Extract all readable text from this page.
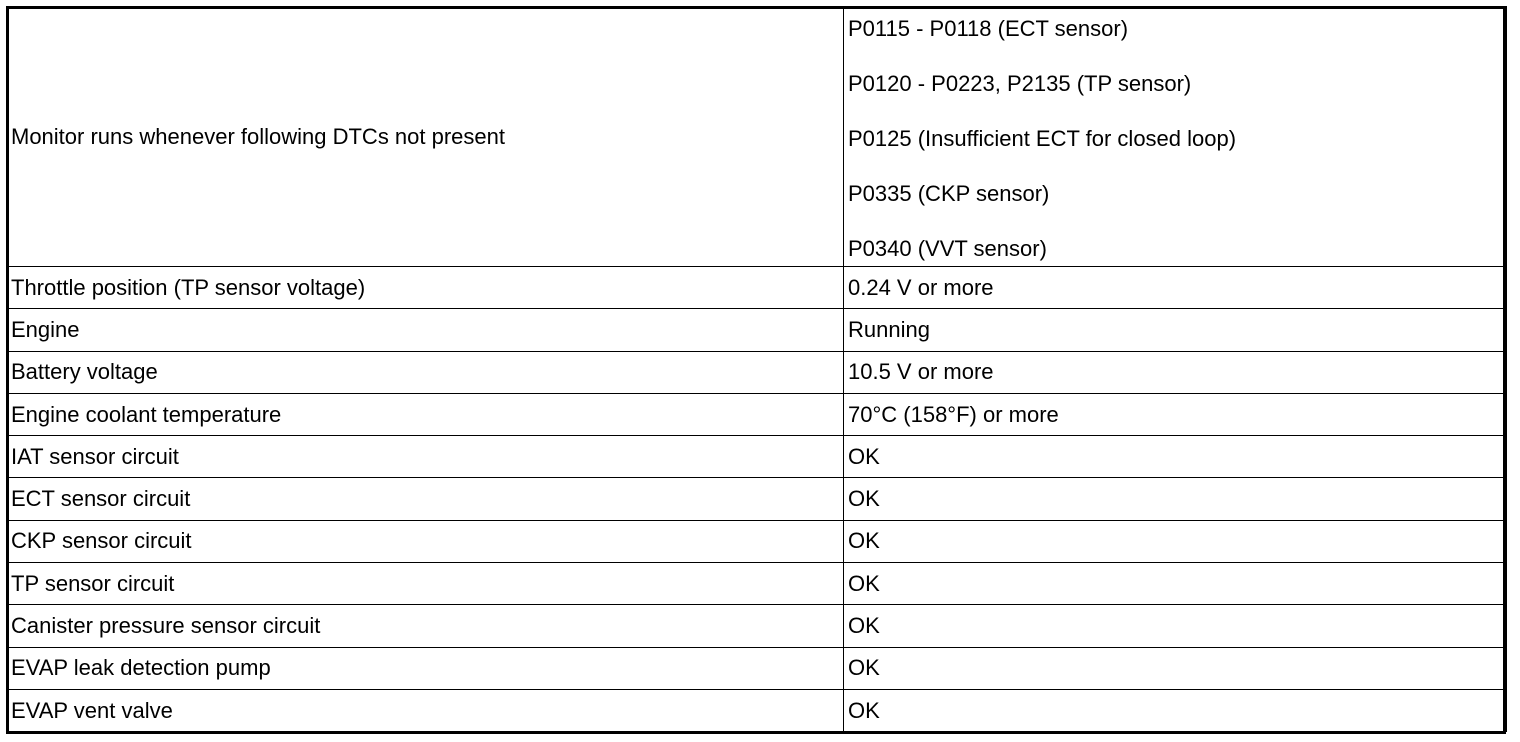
Monitor runs whenever following DTCs not present	P0115 - P0118 (ECT sensor)
P0120 - P0223, P2135 (TP sensor)
P0125 (Insufficient ECT for closed loop)
P0335 (CKP sensor)
P0340 (VVT sensor)

Throttle position (TP sensor voltage)	0.24 V or more
Engine	Running
Battery voltage	10.5 V or more
Engine coolant temperature	70°C (158°F) or more
IAT sensor circuit	OK
ECT sensor circuit	OK
CKP sensor circuit	OK
TP sensor circuit	OK
Canister pressure sensor circuit	OK
EVAP leak detection pump	OK
EVAP vent valve	OK
